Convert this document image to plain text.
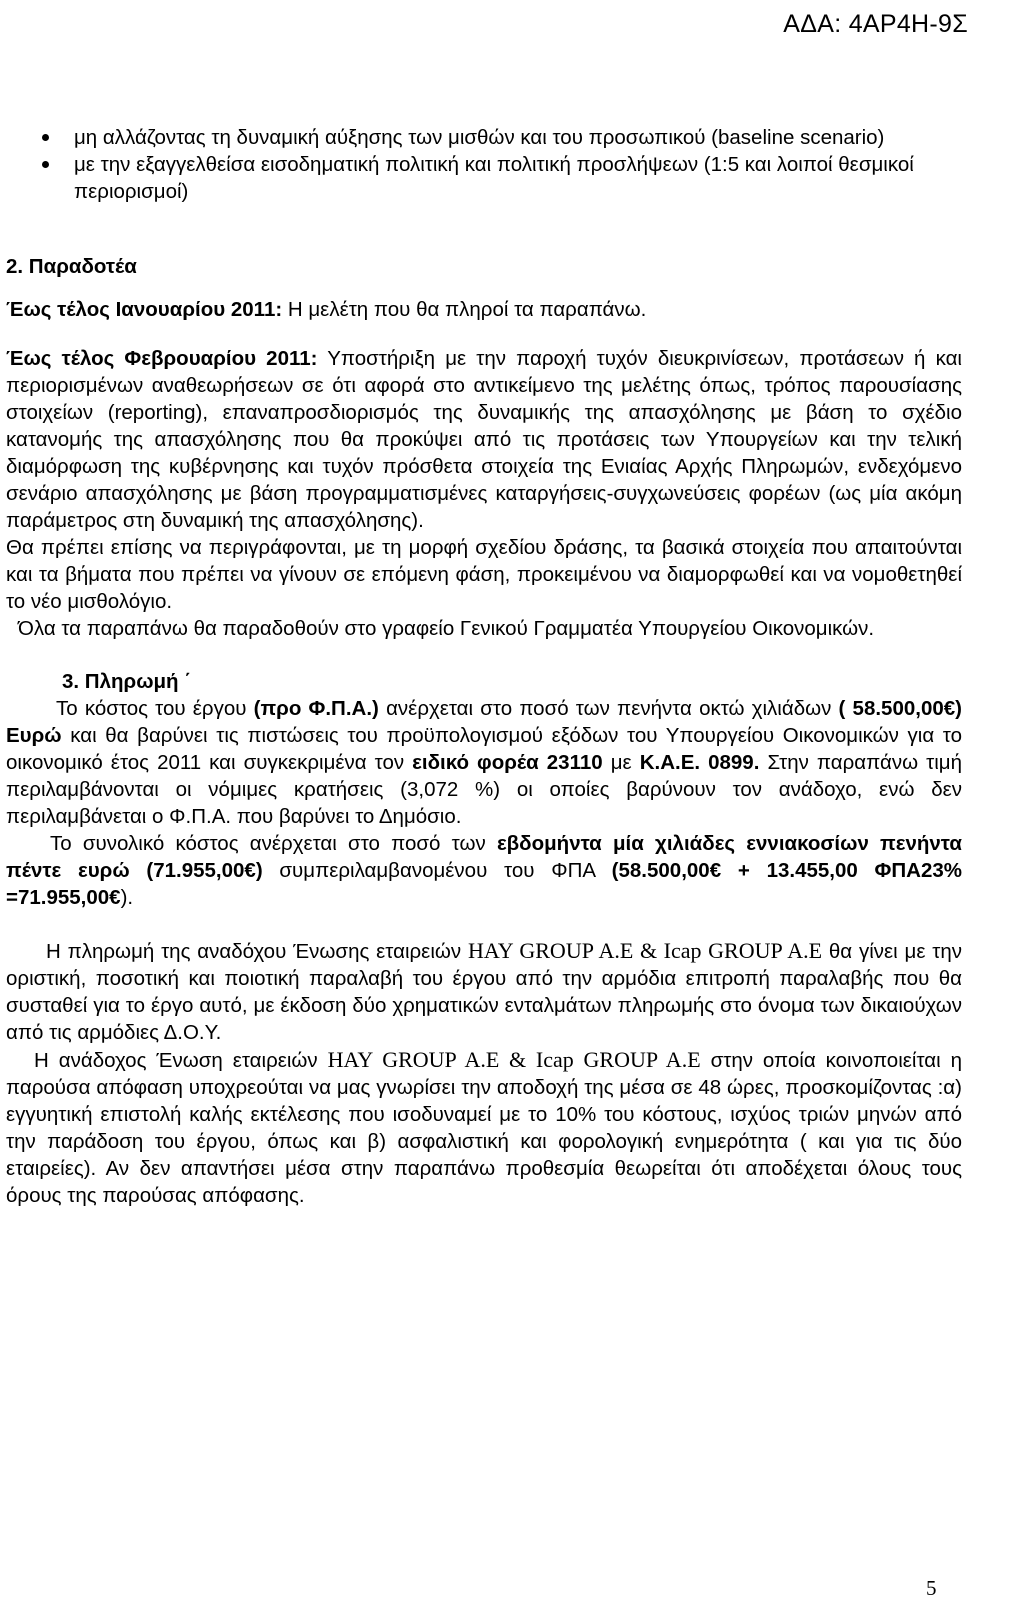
ΑΔΑ: 4ΑΡ4Η-9Σ
μη αλλάζοντας τη δυναμική αύξησης των μισθών και του προσωπικού (baseline scenario)
με την εξαγγελθείσα εισοδηματική πολιτική και πολιτική προσλήψεων (1:5 και λοιποί θεσμικοί περιορισμοί)
2. Παραδοτέα
Έως τέλος Ιανουαρίου 2011: Η μελέτη που θα πληροί τα παραπάνω.
Έως τέλος Φεβρουαρίου 2011: Υποστήριξη με την παροχή τυχόν διευκρινίσεων, προτάσεων ή και περιορισμένων αναθεωρήσεων σε ότι αφορά στο αντικείμενο της μελέτης όπως, τρόπος παρουσίασης στοιχείων (reporting), επαναπροσδιορισμός της δυναμικής της απασχόλησης με βάση το σχέδιο κατανομής της απασχόλησης που θα προκύψει από τις προτάσεις των Υπουργείων και την τελική διαμόρφωση της κυβέρνησης και τυχόν πρόσθετα στοιχεία της Ενιαίας Αρχής Πληρωμών, ενδεχόμενο σενάριο απασχόλησης με βάση προγραμματισμένες καταργήσεις-συγχωνεύσεις φορέων (ως μία ακόμη παράμετρος στη δυναμική της απασχόλησης).
Θα πρέπει επίσης να περιγράφονται, με τη μορφή σχεδίου δράσης, τα βασικά στοιχεία που απαιτούνται και τα βήματα που πρέπει να γίνουν σε επόμενη φάση, προκειμένου να διαμορφωθεί και να νομοθετηθεί το νέο μισθολόγιο.
Όλα τα παραπάνω θα παραδοθούν στο γραφείο Γενικού Γραμματέα Υπουργείου Οικονομικών.
3. Πληρωμή ΄
Το κόστος του έργου (προ Φ.Π.Α.) ανέρχεται στο ποσό των πενήντα οκτώ χιλιάδων ( 58.500,00€) Ευρώ και θα βαρύνει τις πιστώσεις του προϋπολογισμού εξόδων του Υπουργείου Οικονομικών για το οικονομικό έτος 2011 και συγκεκριμένα τον ειδικό φορέα 23110 με Κ.Α.Ε. 0899. Στην παραπάνω τιμή περιλαμβάνονται οι νόμιμες κρατήσεις (3,072 %) οι οποίες βαρύνουν τον ανάδοχο, ενώ δεν περιλαμβάνεται ο Φ.Π.Α. που βαρύνει το Δημόσιο.
Το συνολικό κόστος ανέρχεται στο ποσό των εβδομήντα μία χιλιάδες εννιακοσίων πενήντα πέντε ευρώ (71.955,00€) συμπεριλαμβανομένου του ΦΠΑ (58.500,00€ + 13.455,00 ΦΠΑ23% =71.955,00€).
Η πληρωμή της αναδόχου Ένωσης εταιρειών HAY GROUP A.E & Icap GROUP A.E θα γίνει με την οριστική, ποσοτική και ποιοτική παραλαβή του έργου από την αρμόδια επιτροπή παραλαβής που θα συσταθεί για το έργο αυτό, με έκδοση δύο χρηματικών ενταλμάτων πληρωμής στο όνομα των δικαιούχων από τις αρμόδιες Δ.Ο.Υ.
Η ανάδοχος Ένωση εταιρειών HAY GROUP A.E & Icap GROUP A.E στην οποία κοινοποιείται η παρούσα απόφαση υποχρεούται να μας γνωρίσει την αποδοχή της μέσα σε 48 ώρες, προσκομίζοντας :α) εγγυητική επιστολή καλής εκτέλεσης που ισοδυναμεί με το 10% του κόστους, ισχύος τριών μηνών από την παράδοση του έργου, όπως και β) ασφαλιστική και φορολογική ενημερότητα ( και για τις δύο εταιρείες). Αν δεν απαντήσει μέσα στην παραπάνω προθεσμία θεωρείται ότι αποδέχεται όλους τους όρους της παρούσας απόφασης.
5
